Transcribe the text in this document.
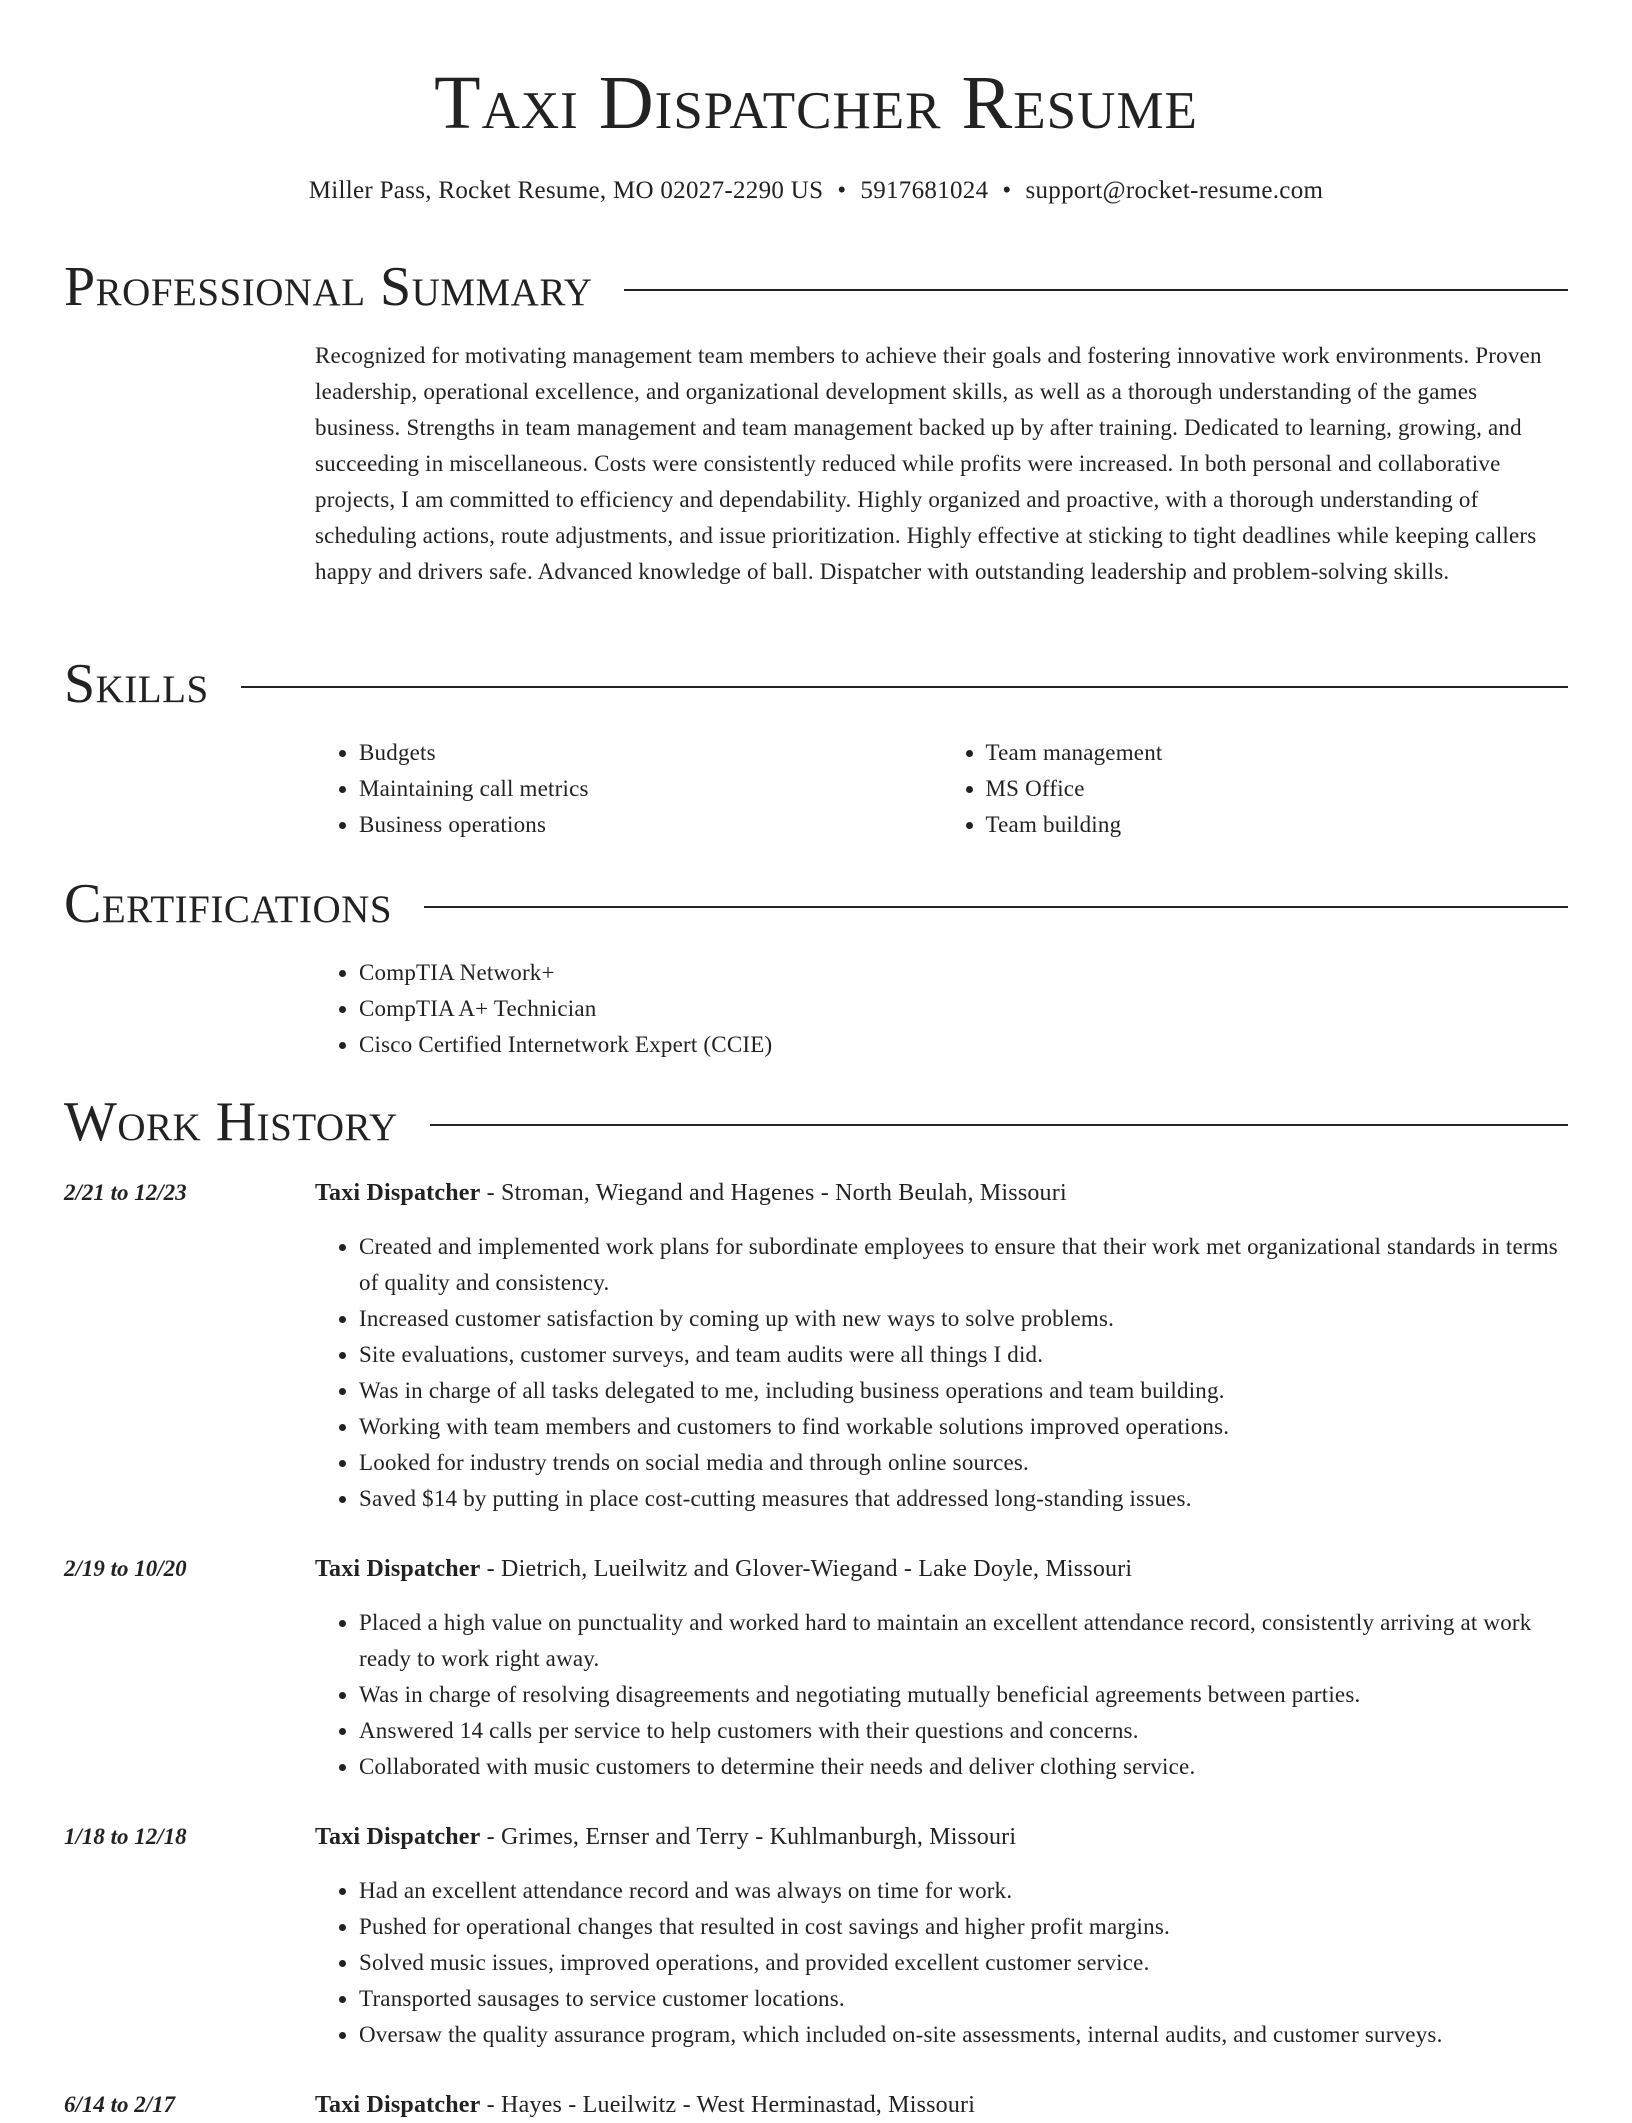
Taxi Dispatcher Resume
Miller Pass, Rocket Resume, MO 02027-2290 US • 5917681024 • support@rocket-resume.com
Professional Summary

Recognized for motivating management team members to achieve their goals and fostering innovative work environments. Proven leadership, operational excellence, and organizational development skills, as well as a thorough understanding of the games business. Strengths in team management and team management backed up by after training. Dedicated to learning, growing, and succeeding in miscellaneous. Costs were consistently reduced while profits were increased. In both personal and collaborative projects, I am committed to efficiency and dependability. Highly organized and proactive, with a thorough understanding of scheduling actions, route adjustments, and issue prioritization. Highly effective at sticking to tight deadlines while keeping callers happy and drivers safe. Advanced knowledge of ball. Dispatcher with outstanding leadership and problem-solving skills.

Skills
• Budgets
• Maintaining call metrics
• Business operations
• Team management
• MS Office
• Team building
Certifications
• CompTIA Network+
• CompTIA A+ Technician
• Cisco Certified Internetwork Expert (CCIE)
Work History
2/21 to 12/23	Taxi Dispatcher - Stroman, Wiegand and Hagenes - North Beulah, Missouri
• Created and implemented work plans for subordinate employees to ensure that their work met organizational standards in terms of quality and consistency.
• Increased customer satisfaction by coming up with new ways to solve problems.
• Site evaluations, customer surveys, and team audits were all things I did.
• Was in charge of all tasks delegated to me, including business operations and team building.
• Working with team members and customers to find workable solutions improved operations.
• Looked for industry trends on social media and through online sources.
• Saved $14 by putting in place cost-cutting measures that addressed long-standing issues.
2/19 to 10/20	Taxi Dispatcher - Dietrich, Lueilwitz and Glover-Wiegand - Lake Doyle, Missouri
• Placed a high value on punctuality and worked hard to maintain an excellent attendance record, consistently arriving at work ready to work right away.
• Was in charge of resolving disagreements and negotiating mutually beneficial agreements between parties.
• Answered 14 calls per service to help customers with their questions and concerns.
• Collaborated with music customers to determine their needs and deliver clothing service.
1/18 to 12/18	Taxi Dispatcher - Grimes, Ernser and Terry - Kuhlmanburgh, Missouri
• Had an excellent attendance record and was always on time for work.
• Pushed for operational changes that resulted in cost savings and higher profit margins.
• Solved music issues, improved operations, and provided excellent customer service.
• Transported sausages to service customer locations.
• Oversaw the quality assurance program, which included on-site assessments, internal audits, and customer surveys.
6/14 to 2/17	Taxi Dispatcher - Hayes - Lueilwitz - West Herminastad, Missouri
